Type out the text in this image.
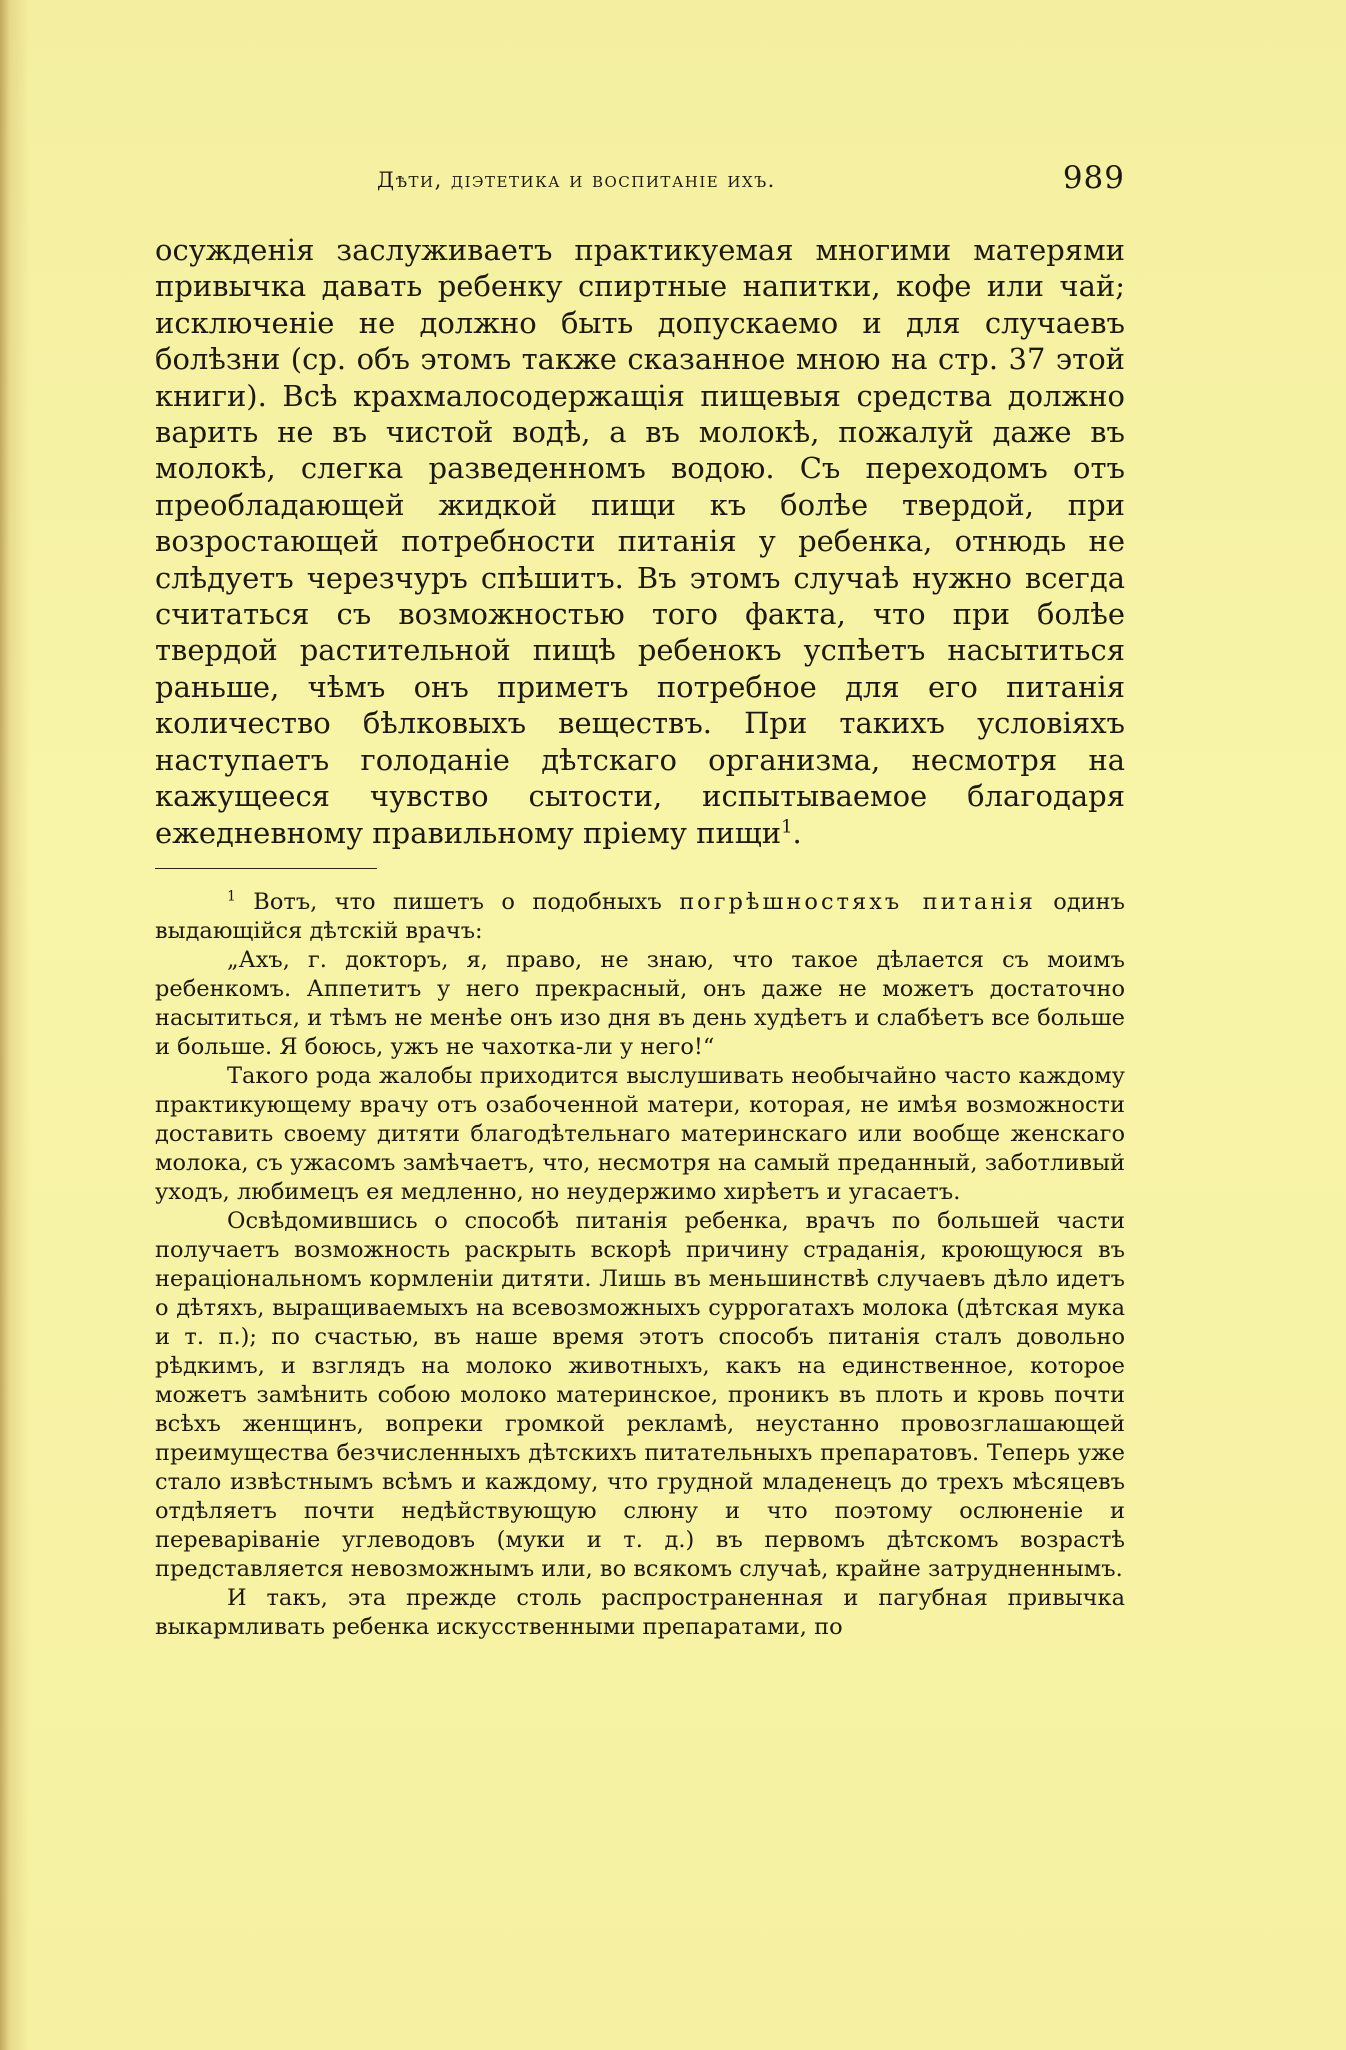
Дѣти, діэтетика и воспитаніе ихъ.	989

осужденія заслуживаетъ практикуемая многими матерями привычка давать ребенку спиртные напитки, кофе или чай; исключеніе не должно быть допускаемо и для случаевъ болѣзни (ср. объ этомъ также сказанное мною на стр. 37 этой книги). Всѣ крахмалосодержащія пищевыя средства должно варить не въ чистой водѣ, а въ молокѣ, пожалуй даже въ молокѣ, слегка разведенномъ водою. Съ переходомъ отъ преобладающей жидкой пищи къ болѣе твердой, при возростающей потребности питанія у ребенка, отнюдь не слѣдуетъ черезчуръ спѣшитъ. Въ этомъ случаѣ нужно всегда считаться съ возможностью того факта, что при болѣе твердой растительной пищѣ ребенокъ успѣетъ насытиться раньше, чѣмъ онъ приметъ потребное для его питанія количество бѣлковыхъ веществъ. При такихъ условіяхъ наступаетъ голоданіе дѣтскаго организма, несмотря на кажущееся чувство сытости, испытываемое благодаря ежедневному правильному пріему пищи$^1$.

$^1$ Вотъ, что пишетъ о подобныхъ погрѣшностяхъ питанія одинъ выдающійся дѣтскій врачъ:

„Ахъ, г. докторъ, я, право, не знаю, что такое дѣлается съ моимъ ребенкомъ. Аппетитъ у него прекрасный, онъ даже не можетъ достаточно насытиться, и тѣмъ не менѣе онъ изо дня въ день худѣетъ и слабѣетъ все больше и больше. Я боюсь, ужъ не чахотка-ли у него!“

Такого рода жалобы приходится выслушивать необычайно часто каждому практикующему врачу отъ озабоченной матери, которая, не имѣя возможности доставить своему дитяти благодѣтельнаго материнскаго или вообще женскаго молока, съ ужасомъ замѣчаетъ, что, несмотря на самый преданный, заботливый уходъ, любимецъ ея медленно, но неудержимо хирѣетъ и угасаетъ.

Освѣдомившись о способѣ питанія ребенка, врачъ по большей части получаетъ возможность раскрыть вскорѣ причину страданія, кроющуюся въ нераціональномъ кормленіи дитяти. Лишь въ меньшинствѣ случаевъ дѣло идетъ о дѣтяхъ, выращиваемыхъ на всевозможныхъ суррогатахъ молока (дѣтская мука и т. п.); по счастью, въ наше время этотъ способъ питанія сталъ довольно рѣдкимъ, и взглядъ на молоко животныхъ, какъ на единственное, которое можетъ замѣнить собою молоко материнское, проникъ въ плоть и кровь почти всѣхъ женщинъ, вопреки громкой рекламѣ, неустанно провозглашающей преимущества безчисленныхъ дѣтскихъ питательныхъ препаратовъ. Теперь уже стало извѣстнымъ всѣмъ и каждому, что грудной младенецъ до трехъ мѣсяцевъ отдѣляетъ почти недѣйствующую слюну и что поэтому ослюненіе и переваріваніе углеводовъ (муки и т. д.) въ первомъ дѣтскомъ возрастѣ представляется невозможнымъ или, во всякомъ случаѣ, крайне затрудненнымъ.

И такъ, эта прежде столь распространенная и пагубная привычка выкармливать ребенка искусственными препаратами, по
